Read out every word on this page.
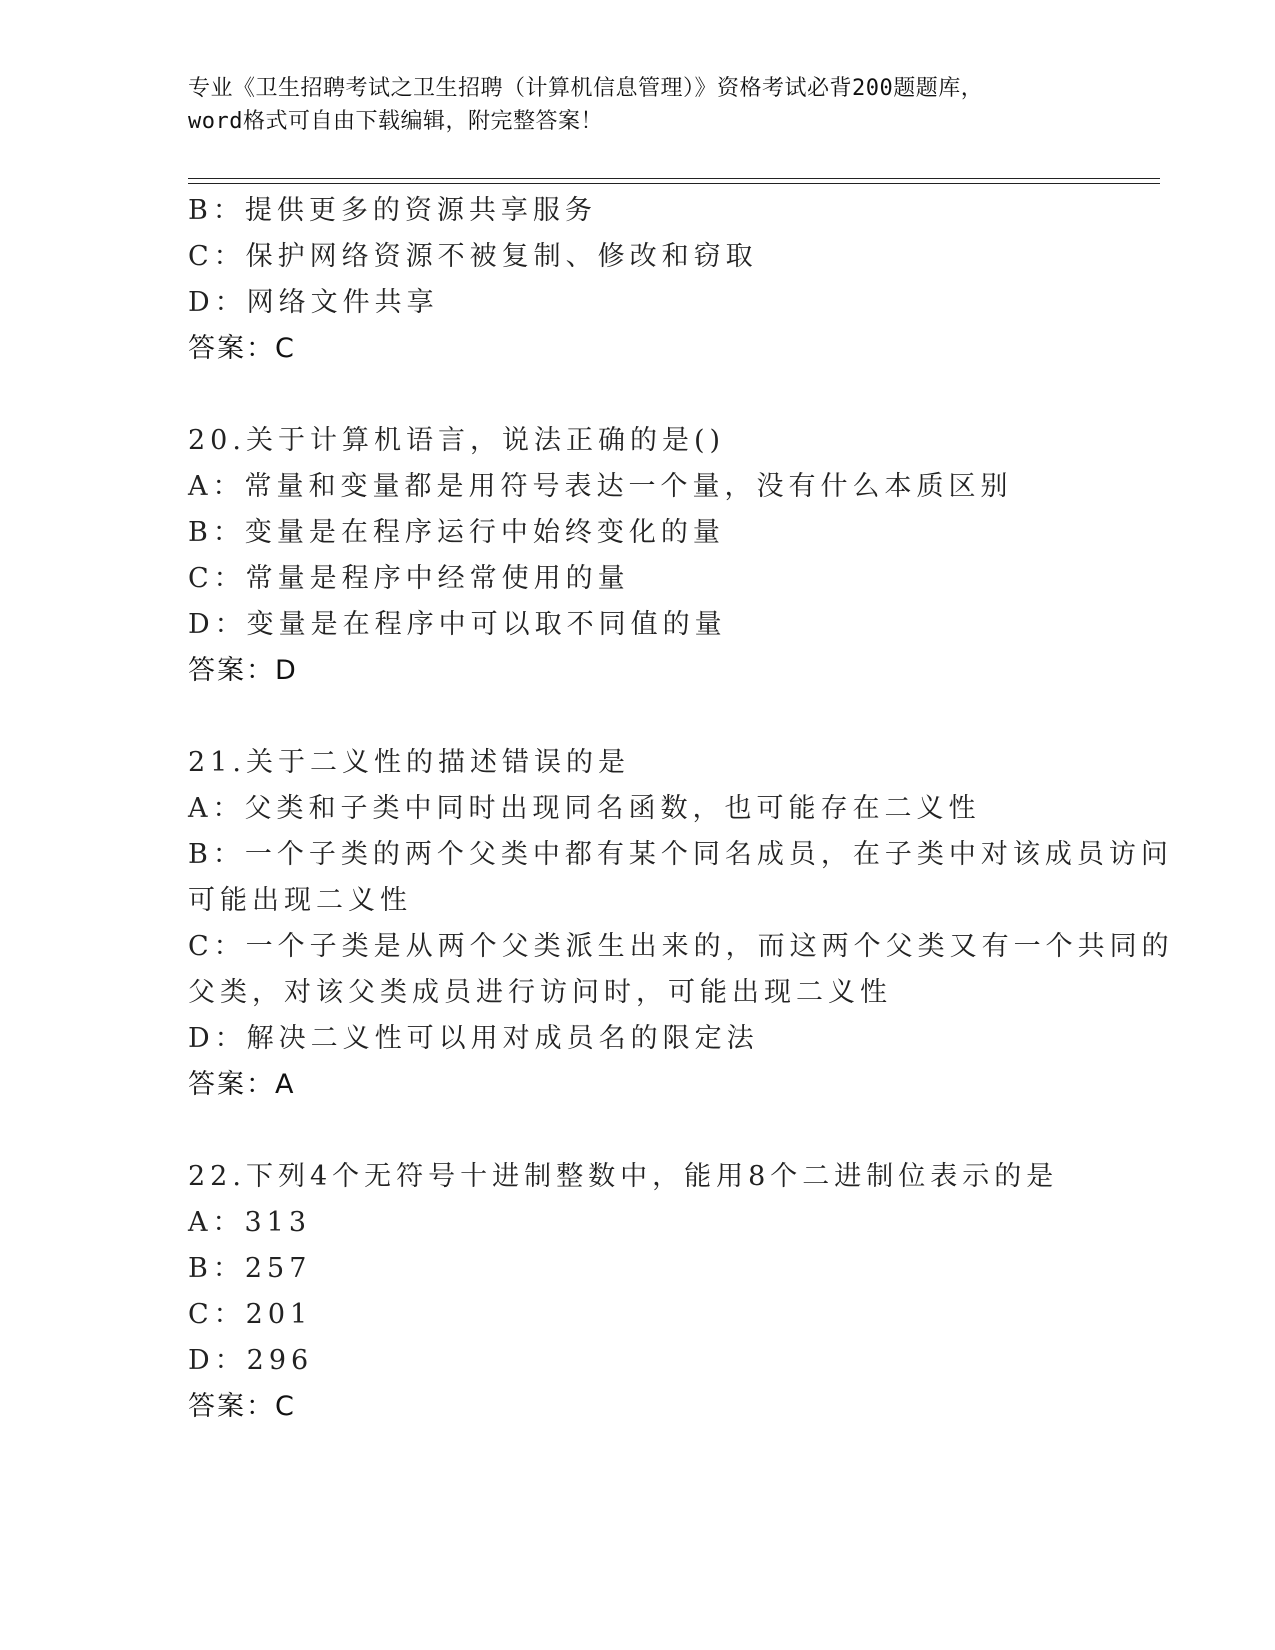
专业《卫生招聘考试之卫生招聘（计算机信息管理）》资格考试必背200题题库，
word格式可自由下载编辑，附完整答案！
B：提供更多的资源共享服务
C：保护网络资源不被复制、修改和窃取
D：网络文件共享
答案：C
20.关于计算机语言，说法正确的是()
A：常量和变量都是用符号表达一个量，没有什么本质区别
B：变量是在程序运行中始终变化的量
C：常量是程序中经常使用的量
D：变量是在程序中可以取不同值的量
答案：D
21.关于二义性的描述错误的是
A：父类和子类中同时出现同名函数，也可能存在二义性
B：一个子类的两个父类中都有某个同名成员，在子类中对该成员访问
可能出现二义性
C：一个子类是从两个父类派生出来的，而这两个父类又有一个共同的
父类，对该父类成员进行访问时，可能出现二义性
D：解决二义性可以用对成员名的限定法
答案：A
22.下列4个无符号十进制整数中，能用8个二进制位表示的是
A：313
B：257
C：201
D：296
答案：C
